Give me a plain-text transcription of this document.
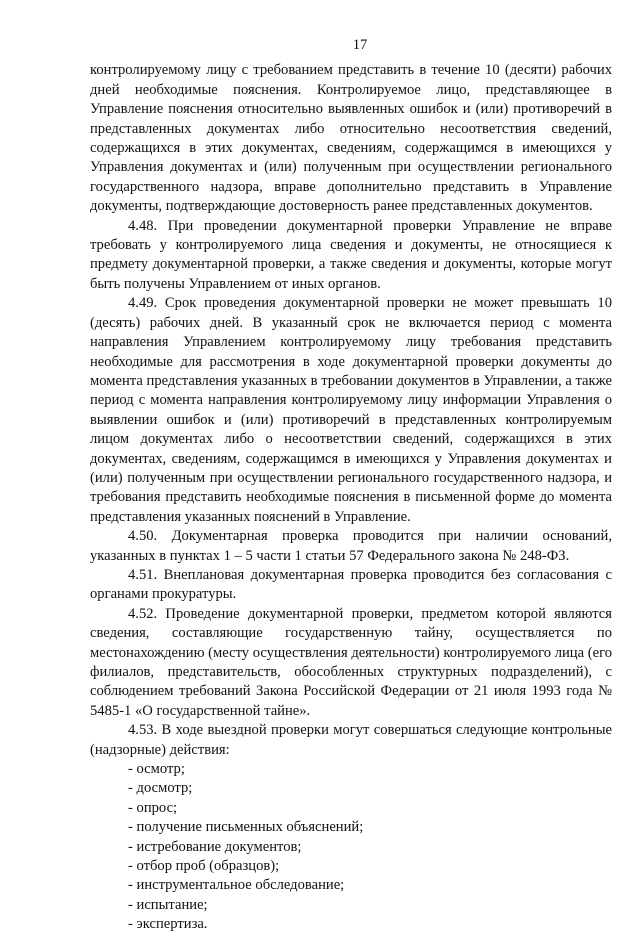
17

контролируемому лицу с требованием представить в течение 10 (десяти) рабочих дней необходимые пояснения. Контролируемое лицо, представляющее в Управление пояснения относительно выявленных ошибок и (или) противоречий в представленных документах либо относительно несоответствия сведений, содержащихся в этих документах, сведениям, содержащимся в имеющихся у Управления документах и (или) полученным при осуществлении регионального государственного надзора, вправе дополнительно представить в Управление документы, подтверждающие достоверность ранее представленных документов.

4.48. При проведении документарной проверки Управление не вправе требовать у контролируемого лица сведения и документы, не относящиеся к предмету документарной проверки, а также сведения и документы, которые могут быть получены Управлением от иных органов.

4.49. Срок проведения документарной проверки не может превышать 10 (десять) рабочих дней. В указанный срок не включается период с момента направления Управлением контролируемому лицу требования представить необходимые для рассмотрения в ходе документарной проверки документы до момента представления указанных в требовании документов в Управлении, а также период с момента направления контролируемому лицу информации Управления о выявлении ошибок и (или) противоречий в представленных контролируемым лицом документах либо о несоответствии сведений, содержащихся в этих документах, сведениям, содержащимся в имеющихся у Управления документах и (или) полученным при осуществлении регионального государственного надзора, и требования представить необходимые пояснения в письменной форме до момента представления указанных пояснений в Управление.

4.50. Документарная проверка проводится при наличии оснований, указанных в пунктах 1 – 5 части 1 статьи 57 Федерального закона № 248-ФЗ.

4.51. Внеплановая документарная проверка проводится без согласования с органами прокуратуры.

4.52. Проведение документарной проверки, предметом которой являются сведения, составляющие государственную тайну, осуществляется по местонахождению (месту осуществления деятельности) контролируемого лица (его филиалов, представительств, обособленных структурных подразделений), с соблюдением требований Закона Российской Федерации от 21 июля 1993 года № 5485-1 «О государственной тайне».

4.53. В ходе выездной проверки могут совершаться следующие контрольные (надзорные) действия:

- осмотр;
- досмотр;
- опрос;
- получение письменных объяснений;
- истребование документов;
- отбор проб (образцов);
- инструментальное обследование;
- испытание;
- экспертиза.
